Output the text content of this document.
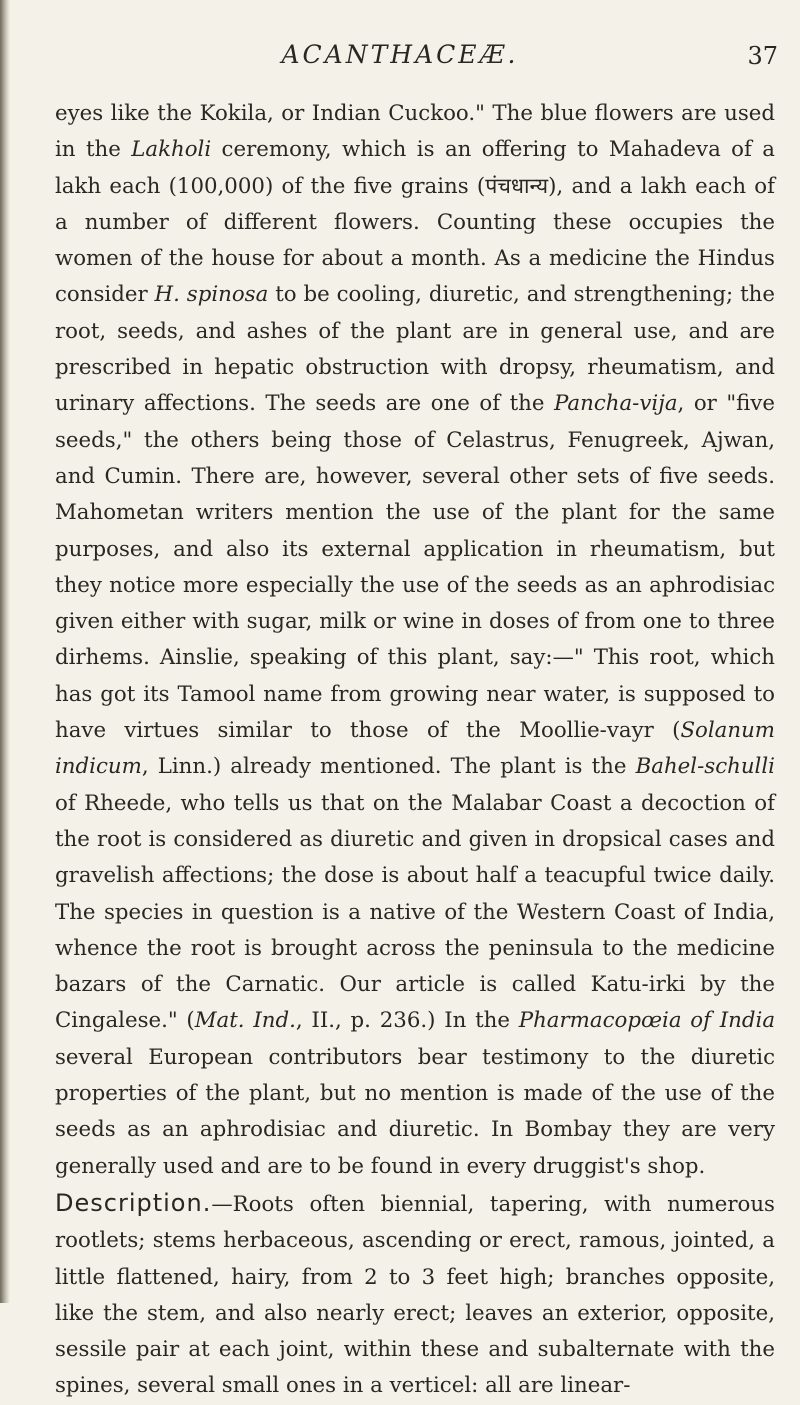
ACANTHACEÆ.	37

eyes like the Kokila, or Indian Cuckoo." The blue flowers are used in the Lakholi ceremony, which is an offering to Mahadeva of a lakh each (100,000) of the five grains (पंचधान्य), and a lakh each of a number of different flowers. Counting these occupies the women of the house for about a month. As a medicine the Hindus consider H. spinosa to be cooling, diuretic, and strengthening; the root, seeds, and ashes of the plant are in general use, and are prescribed in hepatic obstruction with dropsy, rheumatism, and urinary affections. The seeds are one of the Pancha-vija, or "five seeds," the others being those of Celastrus, Fenugreek, Ajwan, and Cumin. There are, however, several other sets of five seeds. Mahometan writers mention the use of the plant for the same purposes, and also its external application in rheumatism, but they notice more especially the use of the seeds as an aphrodisiac given either with sugar, milk or wine in doses of from one to three dirhems. Ainslie, speaking of this plant, say:—" This root, which has got its Tamool name from growing near water, is supposed to have virtues similar to those of the Moollie-vayr (Solanum indicum, Linn.) already mentioned. The plant is the Bahel-schulli of Rheede, who tells us that on the Malabar Coast a decoction of the root is considered as diuretic and given in dropsical cases and gravelish affections; the dose is about half a teacupful twice daily. The species in question is a native of the Western Coast of India, whence the root is brought across the peninsula to the medicine bazars of the Carnatic. Our article is called Katu-irki by the Cingalese." (Mat. Ind., II., p. 236.) In the Pharmacopœia of India several European contributors bear testimony to the diuretic properties of the plant, but no mention is made of the use of the seeds as an aphrodisiac and diuretic. In Bombay they are very generally used and are to be found in every druggist's shop.

Description.—Roots often biennial, tapering, with numerous rootlets; stems herbaceous, ascending or erect, ramous, jointed, a little flattened, hairy, from 2 to 3 feet high; branches opposite, like the stem, and also nearly erect; leaves an exterior, opposite, sessile pair at each joint, within these and subalternate with the spines, several small ones in a verticel: all are linear-
